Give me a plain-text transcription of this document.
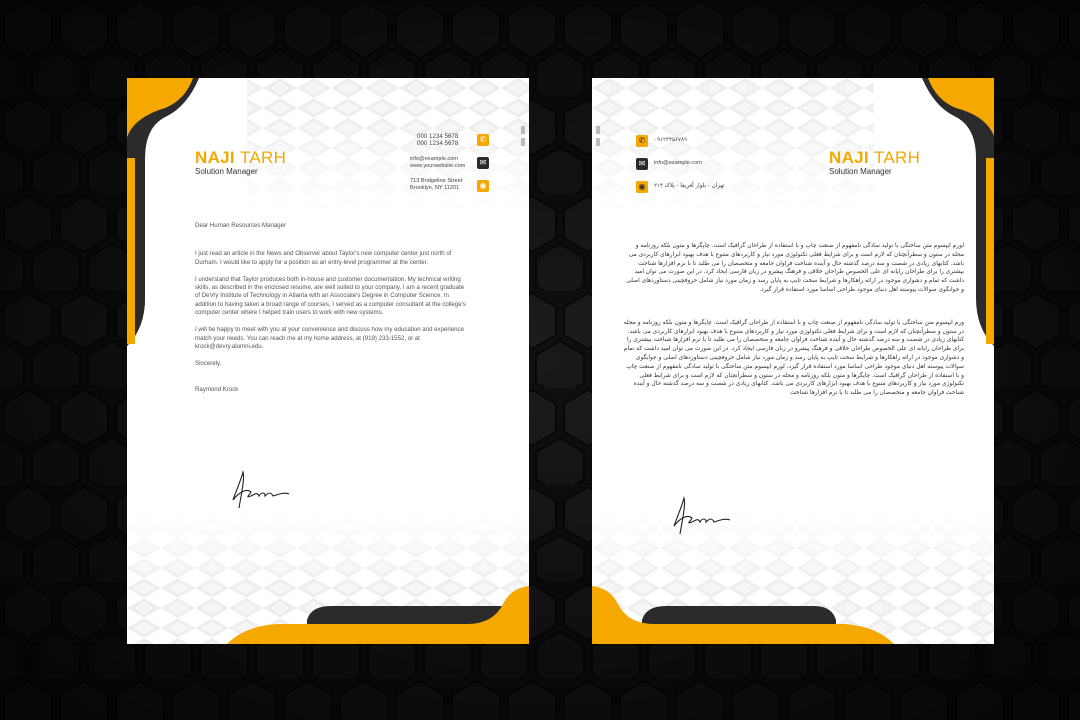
NAJI TARH
Solution Manager
000 1234 5678
000 1234 5678	✆
info@example.com
www.yourwebsite.com	✉
713 Bridgeline Street
Brooklyn, NY 11201	◉

Dear Human Resources Manager

I just read an article in the News and Observer about Taylor's new computer center just north of Durham. I would like to apply for a position as an entry-level programmer at the center.

I understand that Taylor produces both in-house and customer documentation. My technical writing skills, as described in the enclosed resume, are well suited to your company. I am a recent graduate of DeVry Institute of Technology in Atlanta with an Associate's Degree in Computer Science. In addition to having taken a broad range of courses, I served as a computer consultant at the college's computer center where I helped train users to work with new systems.

I will be happy to meet with you at your convenience and discuss how my education and experience match your needs. You can reach me at my home address, at (919) 233-1552, or at krock@devry.alumni.edu.

Sincerely,

Raymond Krock

✆	۰۹۱۲۳۴۵۶۷۸۹
✉	info@example.com
◉	تهران - بلوار آفریقا - پلاک ۲۱۴
NAJI TARH
Solution Manager

لورم ایپسوم متن ساختگی با تولید سادگی نامفهوم از صنعت چاپ و با استفاده از طراحان گرافیک است. چاپگرها و متون بلکه روزنامه و مجله در ستون و سطرآنچنان که لازم است و برای شرایط فعلی تکنولوژی مورد نیاز و کاربردهای متنوع با هدف بهبود ابزارهای کاربردی می باشد. کتابهای زیادی در شصت و سه درصد گذشته حال و آینده شناخت فراوان جامعه و متخصصان را می طلبد تا با نرم افزارها شناخت بیشتری را برای طراحان رایانه ای علی الخصوص طراحان خلاقی و فرهنگ پیشرو در زبان فارسی ایجاد کرد. در این صورت می توان امید داشت که تمام و دشواری موجود در ارائه راهکارها و شرایط سخت تایپ به پایان رسد و زمان مورد نیاز شامل حروفچینی دستاوردهای اصلی و جوابگوی سوالات پیوسته اهل دنیای موجود طراحی اساسا مورد استفاده قرار گیرد.

ورم ایپسوم متن ساختگی با تولید سادگی نامفهوم از صنعت چاپ و با استفاده از طراحان گرافیک است. چاپگرها و متون بلکه روزنامه و مجله در ستون و سطرآنچنان که لازم است و برای شرایط فعلی تکنولوژی مورد نیاز و کاربردهای متنوع با هدف بهبود ابزارهای کاربردی می باشد. کتابهای زیادی در شصت و سه درصد گذشته حال و آینده شناخت فراوان جامعه و متخصصان را می طلبد تا با نرم افزارها شناخت بیشتری را برای طراحان رایانه ای علی الخصوص طراحان خلاقی و فرهنگ پیشرو در زبان فارسی ایجاد کرد. در این صورت می توان امید داشت که تمام و دشواری موجود در ارائه راهکارها و شرایط سخت تایپ به پایان رسد و زمان مورد نیاز شامل حروفچینی دستاوردهای اصلی و جوابگوی سوالات پیوسته اهل دنیای موجود طراحی اساسا مورد استفاده قرار گیرد. لورم ایپسوم متن ساختگی با تولید سادگی نامفهوم از صنعت چاپ و با استفاده از طراحان گرافیک است. چاپگرها و متون بلکه روزنامه و مجله در ستون و سطرآنچنان که لازم است و برای شرایط فعلی تکنولوژی مورد نیاز و کاربردهای متنوع با هدف بهبود ابزارهای کاربردی می باشد. کتابهای زیادی در شصت و سه درصد گذشته حال و آینده شناخت فراوان جامعه و متخصصان را می طلبد تا با نرم افزارها شناخت
